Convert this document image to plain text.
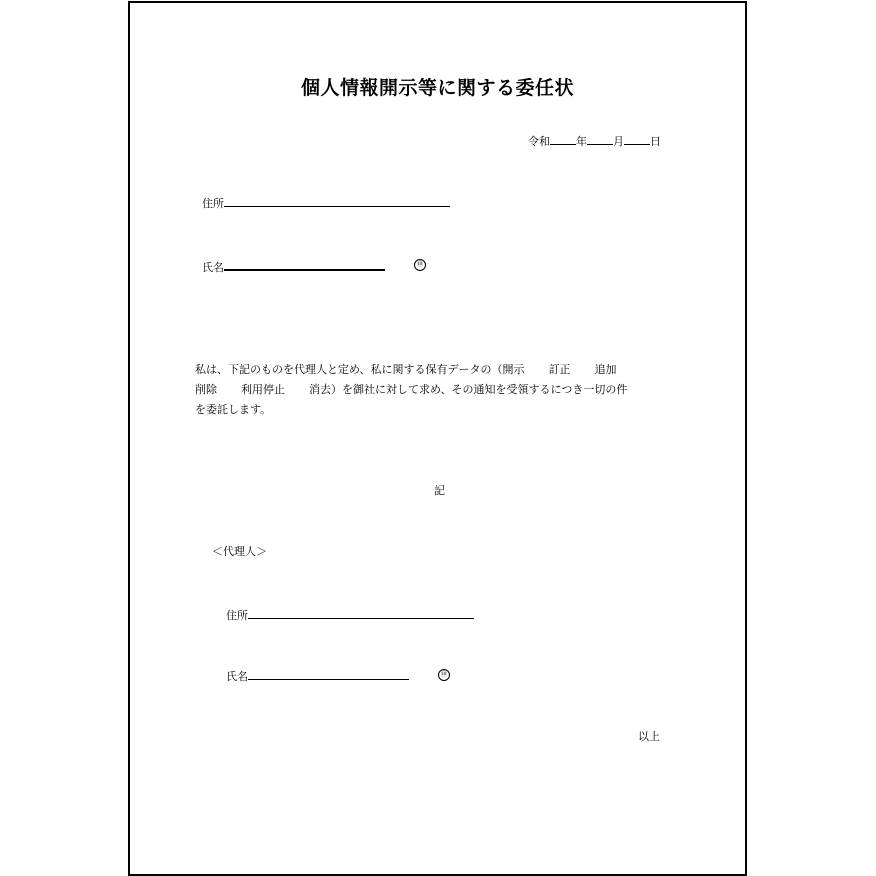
個人情報開示等に関する委任状
令和 年 月 日
住所
氏名	㊞
私は、下記のものを代理人と定め、私に関する保有データの（開示 訂正 追加
削除 利用停止 消去）を御社に対して求め、その通知を受領するにつき一切の件
を委託します。
記
＜代理人＞
住所
氏名	㊞
以上
